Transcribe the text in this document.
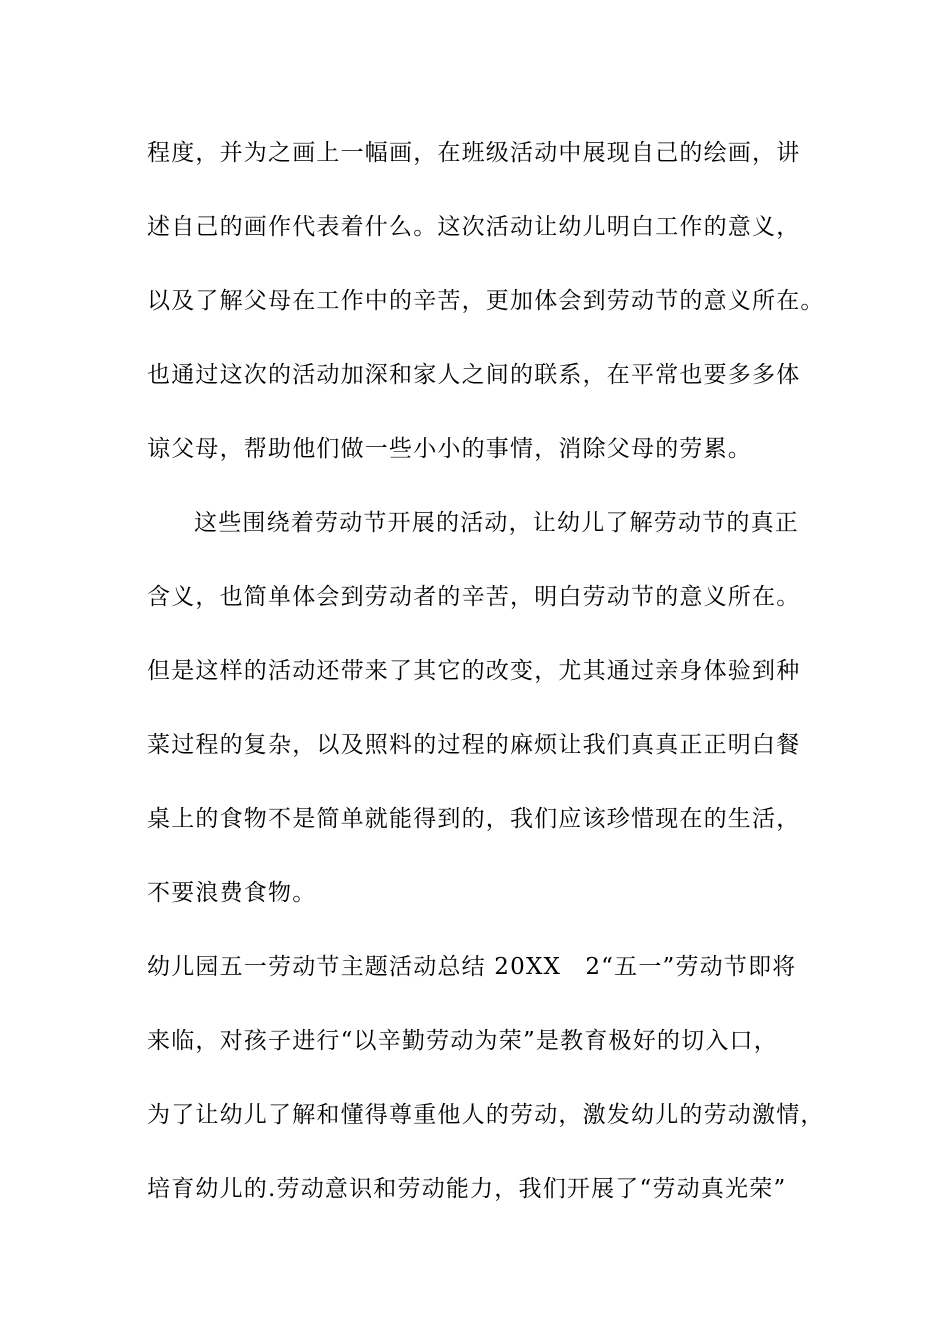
程度，并为之画上一幅画，在班级活动中展现自己的绘画，讲

述自己的画作代表着什么。这次活动让幼儿明白工作的意义，

以及了解父母在工作中的辛苦，更加体会到劳动节的意义所在。

也通过这次的活动加深和家人之间的联系，在平常也要多多体

谅父母，帮助他们做一些小小的事情，消除父母的劳累。

这些围绕着劳动节开展的活动，让幼儿了解劳动节的真正

含义，也简单体会到劳动者的辛苦，明白劳动节的意义所在。

但是这样的活动还带来了其它的改变，尤其通过亲身体验到种

菜过程的复杂，以及照料的过程的麻烦让我们真真正正明白餐

桌上的食物不是简单就能得到的，我们应该珍惜现在的生活，

不要浪费食物。

幼儿园五一劳动节主题活动总结 20XX　2“五一”劳动节即将

来临，对孩子进行“以辛勤劳动为荣”是教育极好的切入口，

为了让幼儿了解和懂得尊重他人的劳动，激发幼儿的劳动激情，

培育幼儿的.劳动意识和劳动能力，我们开展了“劳动真光荣”
